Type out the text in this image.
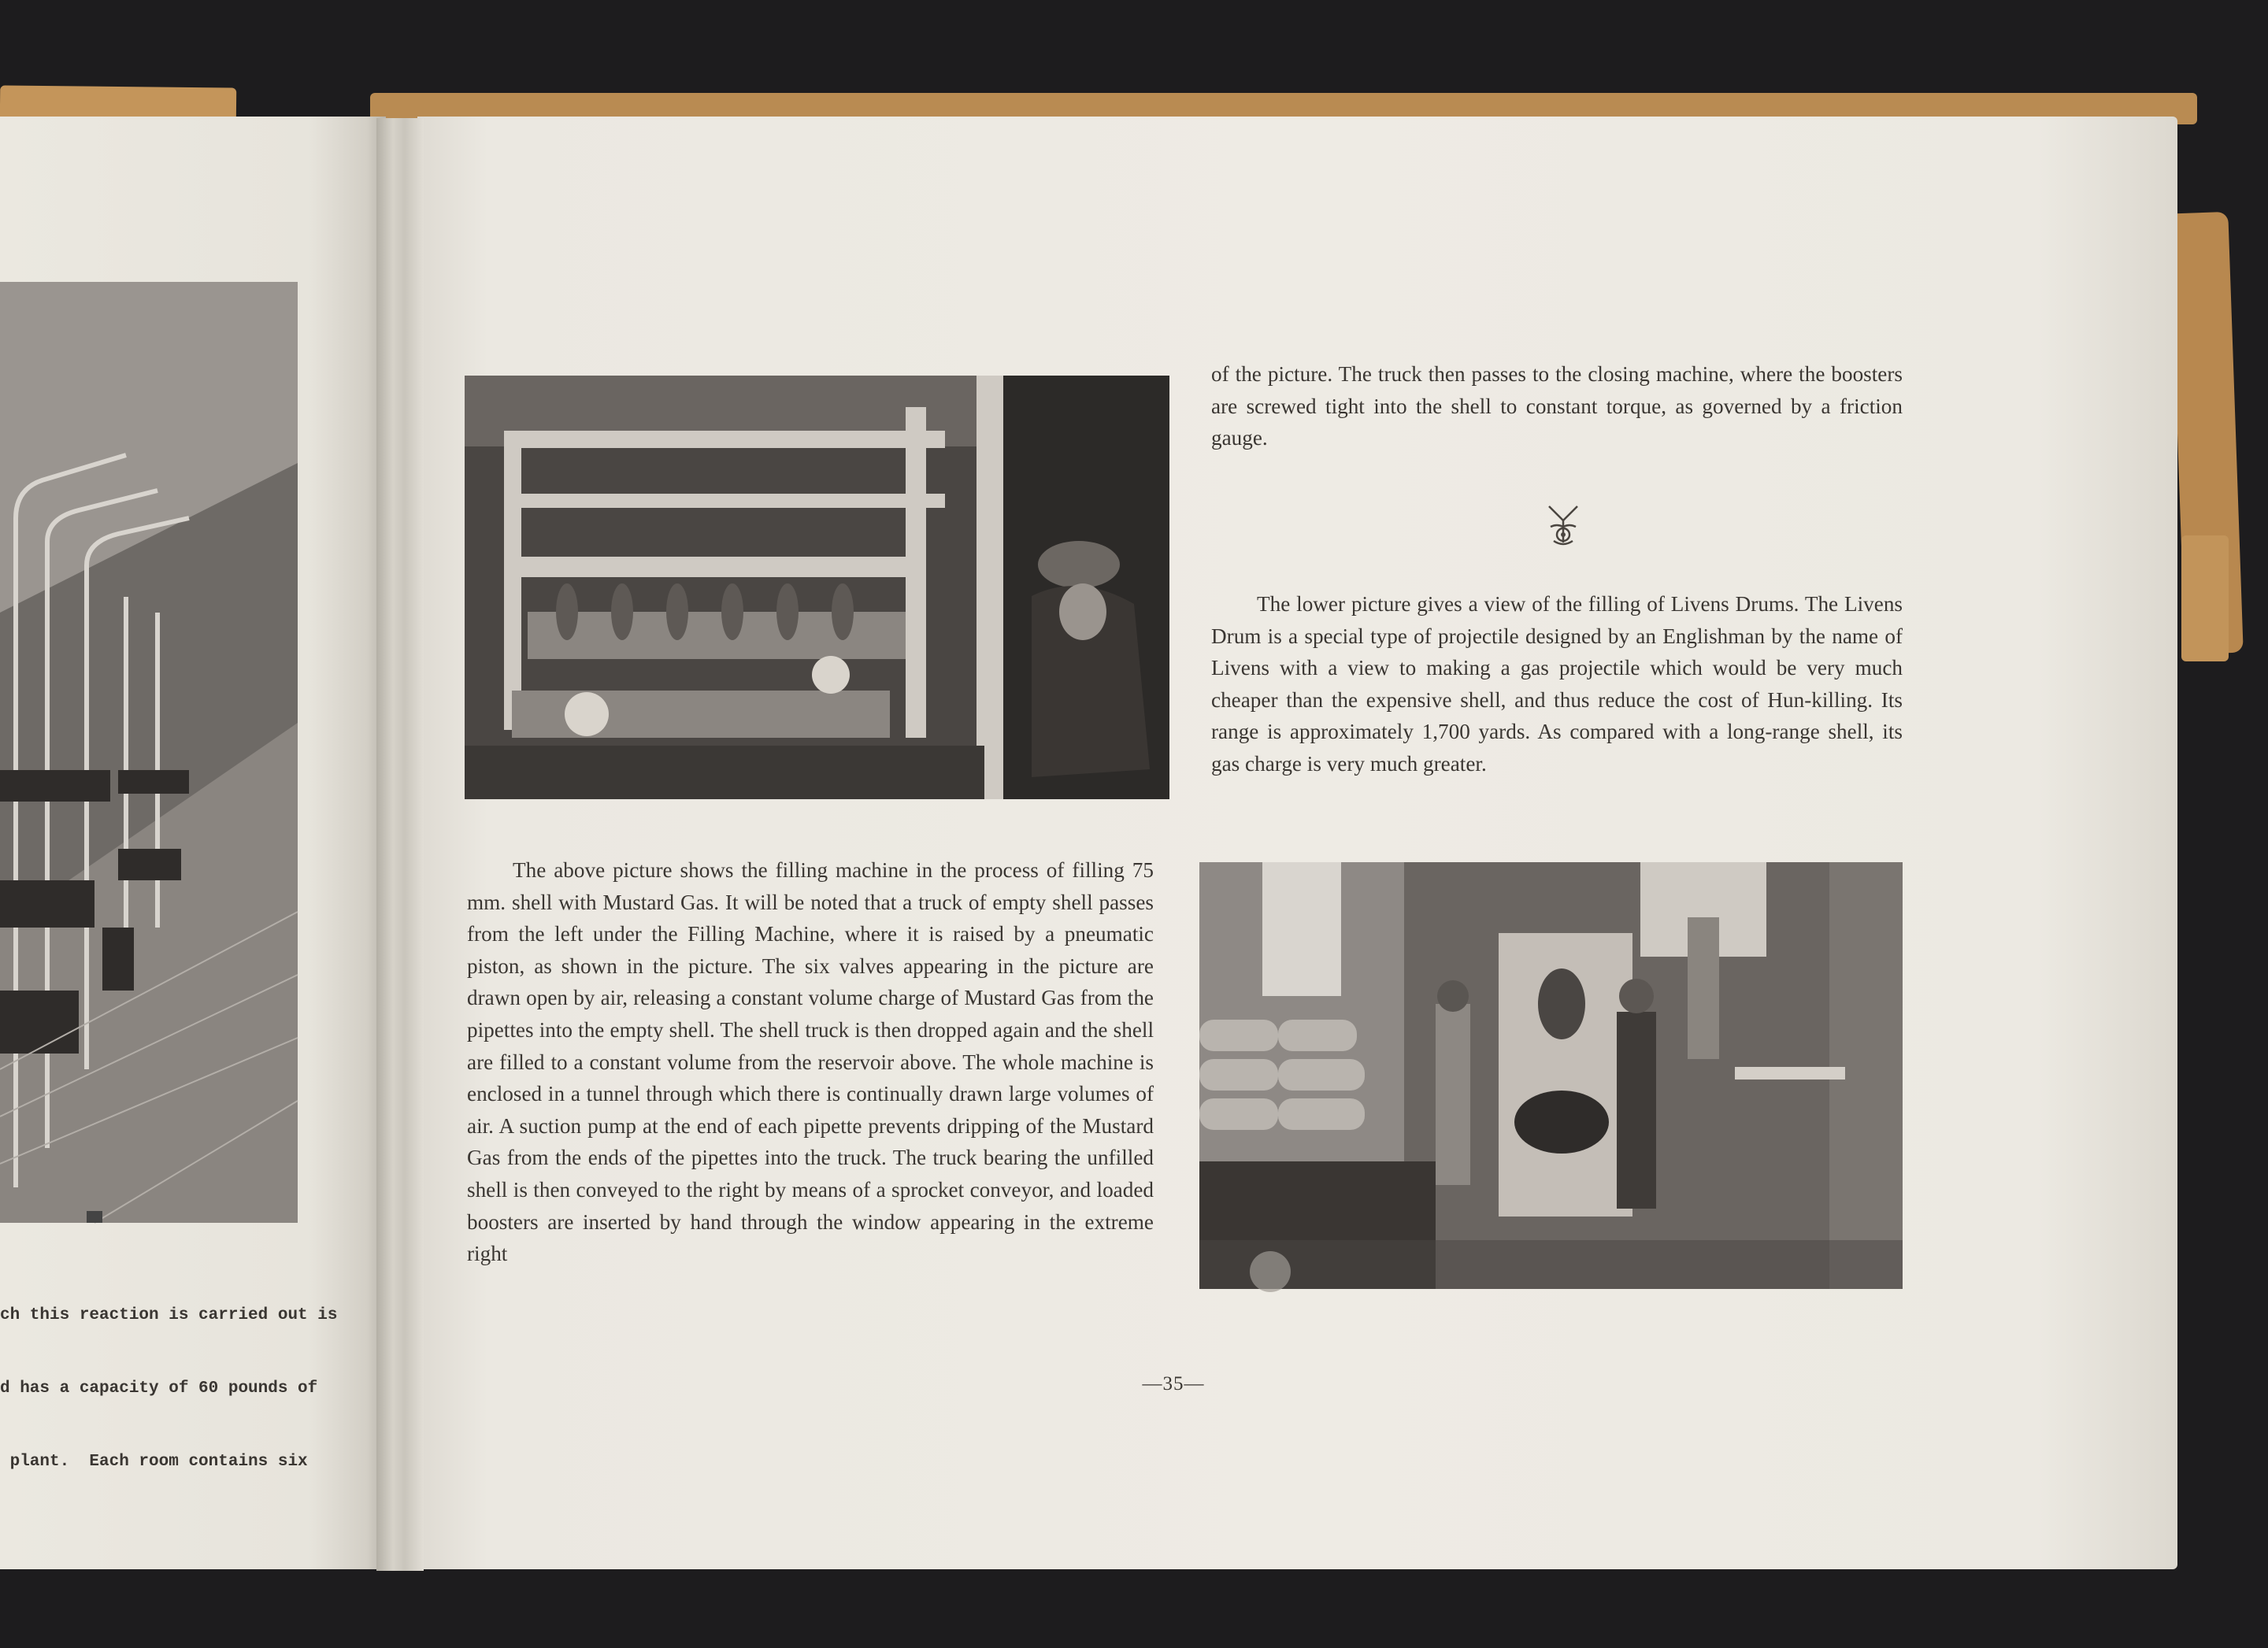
ch this reaction is carried out is

d has a capacity of 60 pounds of

plant.  Each room contains six

of the picture. The truck then passes to the closing machine, where the boosters are screwed tight into the shell to constant torque, as governed by a friction gauge.

The lower picture gives a view of the filling of Livens Drums. The Livens Drum is a special type of projectile designed by an Englishman by the name of Livens with a view to making a gas projectile which would be very much cheaper than the expensive shell, and thus reduce the cost of Hun-killing. Its range is approximately 1,700 yards. As compared with a long-range shell, its gas charge is very much greater.

The above picture shows the filling machine in the process of filling 75 mm. shell with Mustard Gas. It will be noted that a truck of empty shell passes from the left under the Filling Machine, where it is raised by a pneumatic piston, as shown in the picture. The six valves appearing in the picture are drawn open by air, releasing a constant volume charge of Mustard Gas from the pipettes into the empty shell. The shell truck is then dropped again and the shell are filled to a constant volume from the reservoir above. The whole machine is enclosed in a tunnel through which there is continually drawn large volumes of air. A suction pump at the end of each pipette prevents dripping of the Mustard Gas from the ends of the pipettes into the truck. The truck bearing the unfilled shell is then conveyed to the right by means of a sprocket conveyor, and loaded boosters are inserted by hand through the window appearing in the extreme right

—35—
